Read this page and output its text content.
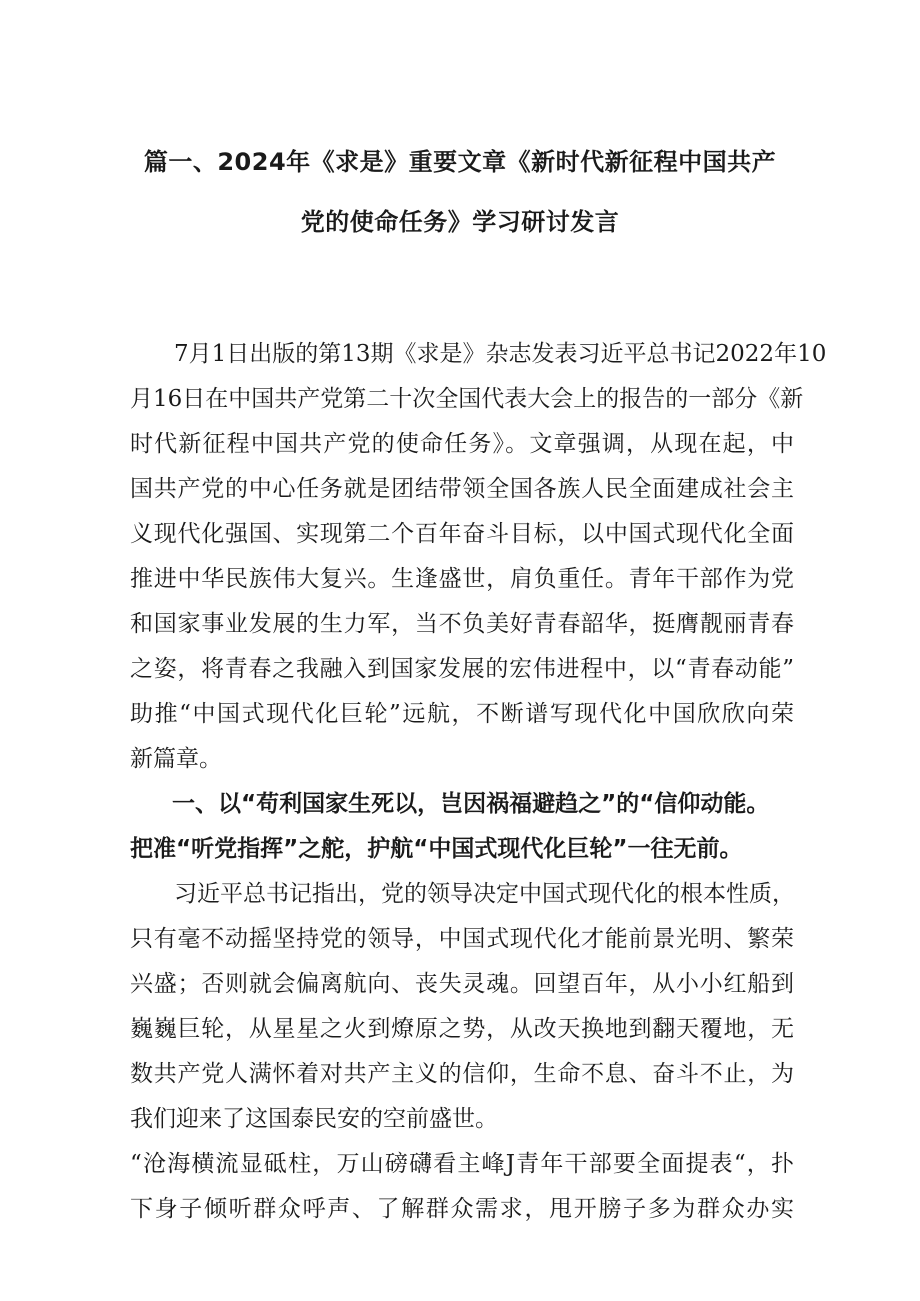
篇一、2024年《求是》重要文章《新时代新征程中国共产
党的使命任务》学习研讨发言
7月1日出版的第13期《求是》杂志发表习近平总书记2022年10
月16日在中国共产党第二十次全国代表大会上的报告的一部分《新
时代新征程中国共产党的使命任务》。文章强调，从现在起，中
国共产党的中心任务就是团结带领全国各族人民全面建成社会主
义现代化强国、实现第二个百年奋斗目标，以中国式现代化全面
推进中华民族伟大复兴。生逢盛世，肩负重任。青年干部作为党
和国家事业发展的生力军，当不负美好青春韶华，挺膺靓丽青春
之姿，将青春之我融入到国家发展的宏伟进程中，以“青春动能”
助推“中国式现代化巨轮”远航，不断谱写现代化中国欣欣向荣
新篇章。
一、以“苟利国家生死以，岂因祸福避趋之”的“信仰动能。
把准“听党指挥”之舵，护航“中国式现代化巨轮”一往无前。
习近平总书记指出，党的领导决定中国式现代化的根本性质，
只有毫不动摇坚持党的领导，中国式现代化才能前景光明、繁荣
兴盛；否则就会偏离航向、丧失灵魂。回望百年，从小小红船到
巍巍巨轮，从星星之火到燎原之势，从改天换地到翻天覆地，无
数共产党人满怀着对共产主义的信仰，生命不息、奋斗不止，为
我们迎来了这国泰民安的空前盛世。
“沧海横流显砥柱，万山磅礴看主峰J青年干部要全面提表“，扑
下身子倾听群众呼声、了解群众需求，甩开膀子多为群众办实
